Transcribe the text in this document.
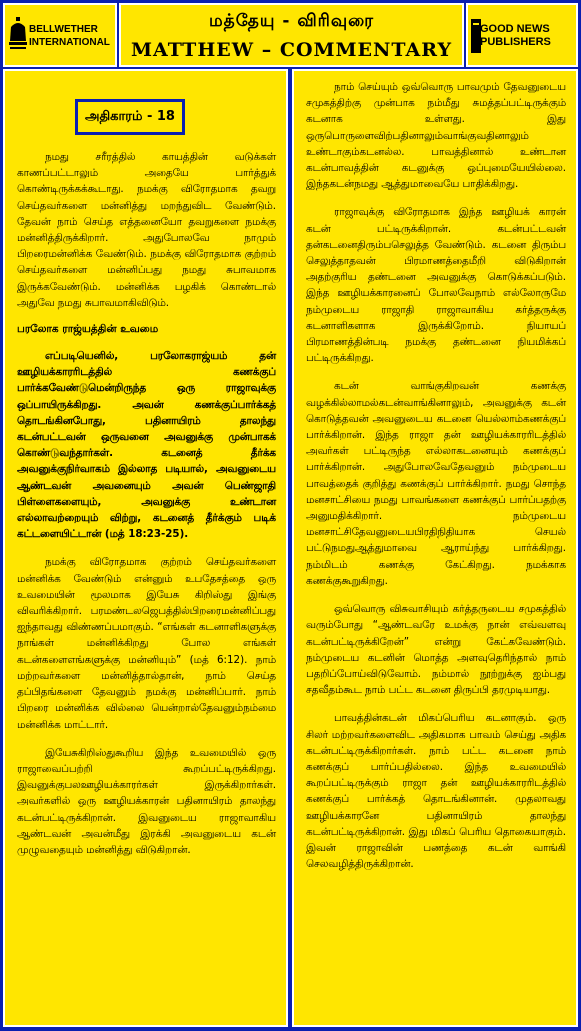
BELLWETHER
INTERNATIONAL
மத்தேயு - விரிவுரை
MATTHEW – COMMENTARY
GOOD NEWS
PUBLISHERS
அதிகாரம் - 18

நமது சரீரத்தில் காயத்தின் வடுக்கள் காணப்பட்டாலும் அதையே பார்த்துக் கொண்டிருக்கக்கூடாது. நமக்கு விரோதமாக தவறு செய்தவர்களை மன்னித்து மறந்துவிட வேண்டும். தேவன் நாம் செய்த எத்தனையோ தவறுகளை நமக்கு மன்னித்திருக்கிறார். அதுபோலவே நாமும் பிறரைமன்னிக்க வேண்டும். நமக்கு விரோதமாக குற்றம் செய்தவர்களை மன்னிப்பது நமது சுபாவமாக இருக்கவேண்டும். மன்னிக்க பழகிக் கொண்டால் அதுவே நமது சுபாவமாகிவிடும்.

பரலோக ராஜ்யத்தின் உவமை

எப்படியெனில், பரலோகராஜ்யம் தன் ஊழியக்காரரிடத்தில் கணக்குப் பார்க்கவேண்டுமென்றிருந்த ஒரு ராஜாவுக்கு ஒப்பாயிருக்கிறது. அவன் கணக்குப்பார்க்கத் தொடங்கினபோது, பதினாயிரம் தாலந்து கடன்பட்டவன் ஒருவனை அவனுக்கு முன்பாகக் கொண்டுவந்தார்கள். கடனைத் தீர்க்க அவனுக்குநிர்வாகம் இல்லாத படியால், அவனுடைய ஆண்டவன் அவனையும் அவன் பெண்ஜாதி பிள்ளைகளையும், அவனுக்கு உண்டான எல்லாவற்றையும் விற்று, கடனைத் தீர்க்கும் படிக் கட்டளையிட்டான் (மத் 18:23-25).

நமக்கு விரோதமாக குற்றம் செய்தவர்களை மன்னிக்க வேண்டும் என்னும் உபதேசத்தை ஒரு உவமையின் மூலமாக இயேசு கிறிஸ்து இங்கு விவரிக்கிறார். பரமண்டலஜெபத்தில்பிறரைமன்னிப்பது ஐந்தாவது விண்ணப்பமாகும். “எங்கள் கடனாளிகளுக்கு நாங்கள் மன்னிக்கிறது போல எங்கள் கடன்களைஎங்களுக்கு மன்னியும்” (மத் 6:12). நாம் மற்றவர்களை மன்னித்தால்தான், நாம் செய்த தப்பிதங்களை தேவனும் நமக்கு மன்னிப்பார். நாம் பிறரை மன்னிக்க வில்லை யென்றால்தேவனும்நம்மை மன்னிக்க மாட்டார்.

இயேசுகிறிஸ்துகூறிய இந்த உவமையில் ஒரு ராஜாவைப்பற்றி கூறப்பட்டிருக்கிறது. இவனுக்குபலஊழியக்காரர்கள் இருக்கிறார்கள். அவர்களில் ஒரு ஊழியக்காரன் பதினாயிரம் தாலந்து கடன்பட்டிருக்கிறான். இவனுடைய ராஜாவாகிய ஆண்டவன் அவன்மீது இரக்கி அவனுடைய கடன் முழுவதையும் மன்னித்து விடுகிறான்.

நாம் செய்யும் ஒவ்வொரு பாவமும் தேவனுடைய சமுகத்திற்கு முன்பாக நம்மீது சுமத்தப்பட்டிருக்கும் கடனாக உள்ளது. இது ஒருபொருளைவிற்பதினாலும்வாங்குவதினாலும் உண்டாகும்கடனல்ல. பாவத்தினால் உண்டான கடன்பாவத்தின் கடனுக்கு ஒப்புமையேயில்லை. இந்தகடன்நமது ஆத்துமாவையே பாதிக்கிறது.

ராஜாவுக்கு விரோதமாக இந்த ஊழியக் காரன் கடன் பட்டிருக்கிறான். கடன்பட்டவன் தன்கடனைதிரும்பசெலுத்த வேண்டும். கடனை திரும்ப செலுத்தாதவன் பிரமாணத்தைமீறி விடுகிறான் அதற்குரிய தண்டனை அவனுக்கு கொடுக்கப்படும். இந்த ஊழியக்காரனைப் போலவேநாம் எல்லோருமே நம்முடைய ராஜாதி ராஜாவாகிய கர்த்தருக்கு கடனாளிகளாக இருக்கிறோம். நியாயப் பிரமாணத்தின்படி நமக்கு தண்டனை நியமிக்கப் பட்டிருக்கிறது.

கடன் வாங்குகிறவன் கணக்கு வழக்கில்லாமல்கடன்வாங்கினாலும், அவனுக்கு கடன் கொடுத்தவன் அவனுடைய கடனை யெல்லாம்கணக்குப் பார்க்கிறான். இந்த ராஜா தன் ஊழியக்காரரிடத்தில் அவர்கள் பட்டிருந்த எல்லாகடனையும் கணக்குப் பார்க்கிறான். அதுபோலவேதேவனும் நம்முடைய பாவத்தைக் குறித்து கணக்குப் பார்க்கிறார். நமது சொந்த மனசாட்சியை நமது பாவங்களை கணக்குப் பார்ப்பதற்கு அனுமதிக்கிறார். நம்முடைய மனசாட்சிதேவனுடையபிரதிநிதியாக செயல் பட்டுநமதுஆத்துமாவை ஆராய்ந்து பார்க்கிறது. நம்மிடம் கணக்கு கேட்கிறது. நமக்காக கணக்குகூறுகிறது.

ஒவ்வொரு விசுவாசியும் கர்த்தருடைய சமுகத்தில் வரும்போது “ஆண்டவரே உமக்கு நான் எவ்வளவு கடன்பட்டிருக்கிறேன்” என்று கேட்கவேண்டும். நம்முடைய கடனின் மொத்த அளவுதெரிந்தால் நாம் பதறிப்போய்விடுவோம். நம்மால் நூற்றுக்கு ஐம்பது சதவீதம்கூட நாம் பட்ட கடனை திருப்பி தரமுடியாது.

பாவத்தின்கடன் மிகப்பெரிய கடனாகும். ஒரு சிலர் மற்றவர்களைவிட அதிகமாக பாவம் செய்து அதிக கடன்பட்டிருக்கிறார்கள். நாம் பட்ட கடனை நாம் கணக்குப் பார்ப்பதில்லை. இந்த உவமையில் கூறப்பட்டிருக்கும் ராஜா தன் ஊழியக்காரரிடத்தில் கணக்குப் பார்க்கத் தொடங்கினான். முதலாவது ஊழியக்காரனே பதினாயிரம் தாலந்து கடன்பட்டிருக்கிறான். இது மிகப் பெரிய தொகையாகும். இவன் ராஜாவின் பணத்தை கடன் வாங்கி செலவழித்திருக்கிறான்.
